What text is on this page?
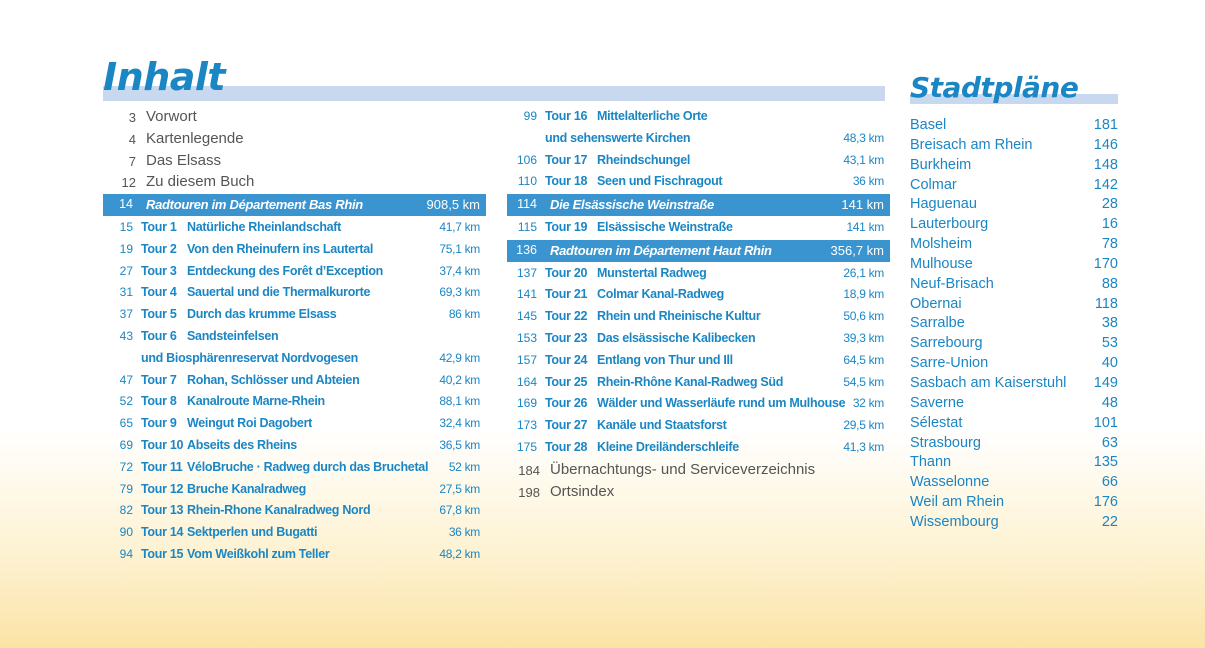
Inhalt
3 Vorwort
4 Kartenlegende
7 Das Elsass
12 Zu diesem Buch
14 Radtouren im Département Bas Rhin	908,5 km
15 Tour 1 Natürliche Rheinlandschaft	41,7 km
19 Tour 2 Von den Rheinufern ins Lautertal	75,1 km
27 Tour 3 Entdeckung des Forêt d’Exception	37,4 km
31 Tour 4 Sauertal und die Thermalkurorte	69,3 km
37 Tour 5 Durch das krumme Elsass	86 km
43 Tour 6 Sandsteinfelsen
und Biosphärenreservat Nordvogesen	42,9 km
47 Tour 7 Rohan, Schlösser und Abteien	40,2 km
52 Tour 8 Kanalroute Marne-Rhein	88,1 km
65 Tour 9 Weingut Roi Dagobert	32,4 km
69 Tour 10 Abseits des Rheins	36,5 km
72 Tour 11 VéloBruche · Radweg durch das Bruchetal 52 km
79 Tour 12 Bruche Kanalradweg	27,5 km
82 Tour 13 Rhein-Rhone Kanalradweg Nord	67,8 km
90 Tour 14 Sektperlen und Bugatti	36 km
94 Tour 15 Vom Weißkohl zum Teller	48,2 km
99 Tour 16 Mittelalterliche Orte
und sehenswerte Kirchen	48,3 km
106 Tour 17 Rheindschungel	43,1 km
110 Tour 18 Seen und Fischragout	36 km
114 Die Elsässische Weinstraße	141 km
115 Tour 19 Elsässische Weinstraße	141 km
136 Radtouren im Département Haut Rhin	356,7 km
137 Tour 20 Munstertal Radweg	26,1 km
141 Tour 21 Colmar Kanal-Radweg	18,9 km
145 Tour 22 Rhein und Rheinische Kultur	50,6 km
153 Tour 23 Das elsässische Kalibecken	39,3 km
157 Tour 24 Entlang von Thur und Ill	64,5 km
164 Tour 25 Rhein-Rhône Kanal-Radweg Süd	54,5 km
169 Tour 26 Wälder und Wasserläufe rund um Mulhouse 32 km
173 Tour 27 Kanäle und Staatsforst	29,5 km
175 Tour 28 Kleine Dreiländerschleife	41,3 km
184 Übernachtungs- und Serviceverzeichnis
198 Ortsindex
Stadtpläne
Basel	181
Breisach am Rhein	146
Burkheim	148
Colmar	142
Haguenau	28
Lauterbourg	16
Molsheim	78
Mulhouse	170
Neuf-Brisach	88
Obernai	118
Sarralbe	38
Sarrebourg	53
Sarre-Union	40
Sasbach am Kaiserstuhl 149
Saverne	48
Sélestat	101
Strasbourg	63
Thann	135
Wasselonne	66
Weil am Rhein	176
Wissembourg	22
